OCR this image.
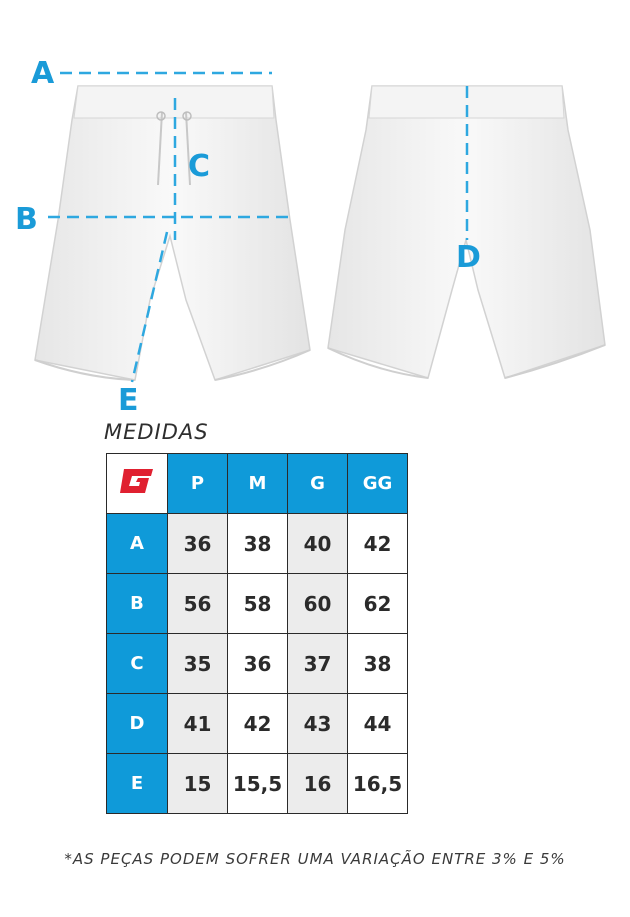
A
B
C
D
E
MEDIDAS
	P	M	G	GG
A	36	38	40	42
B	56	58	60	62
C	35	36	37	38
D	41	42	43	44
E	15	15,5	16	16,5
*AS PEÇAS PODEM SOFRER UMA VARIAÇÃO ENTRE 3% E 5%
